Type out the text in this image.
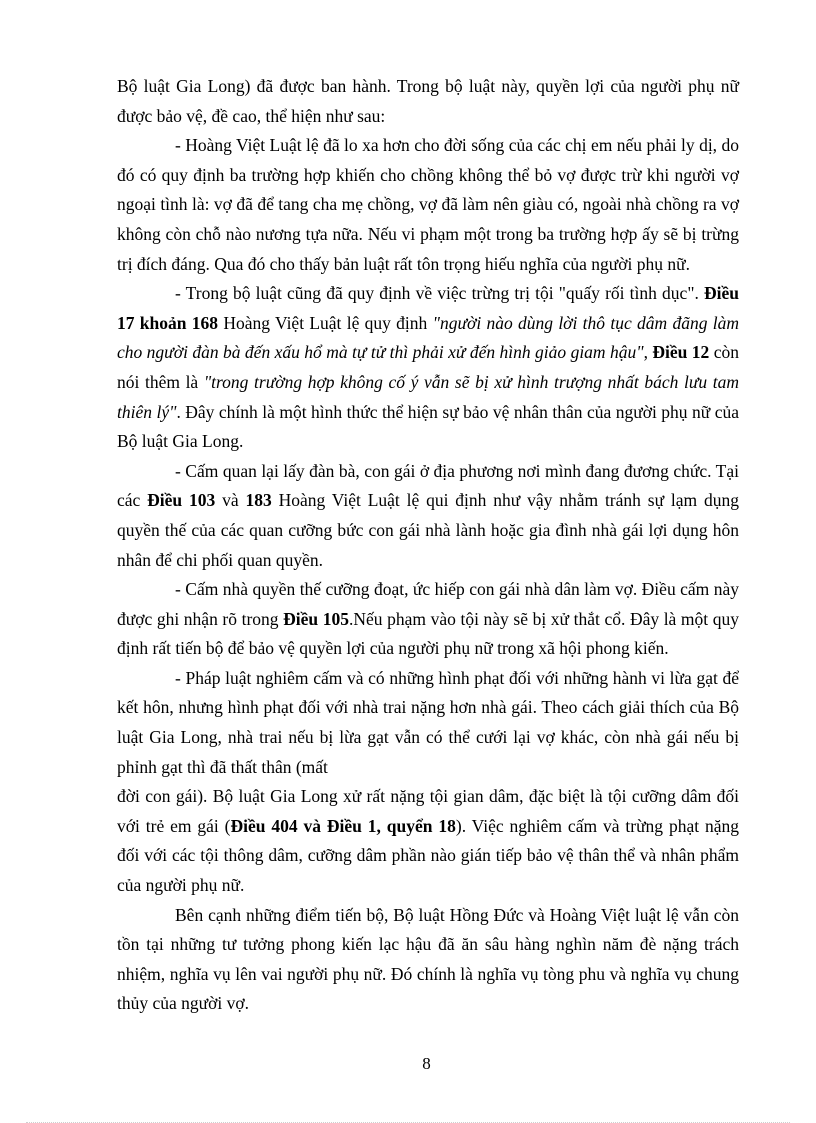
Bộ luật Gia Long) đã được ban hành. Trong bộ luật này, quyền lợi của người phụ nữ được bảo vệ, đề cao, thể hiện như sau:

- Hoàng Việt Luật lệ đã lo xa hơn cho đời sống của các chị em nếu phải ly dị, do đó có quy định ba trường hợp khiến cho chồng không thể bỏ vợ được trừ khi người vợ ngoại tình là: vợ đã để tang cha mẹ chồng, vợ đã làm nên giàu có, ngoài nhà chồng ra vợ không còn chỗ nào nương tựa nữa. Nếu vi phạm một trong ba trường hợp ấy sẽ bị trừng trị đích đáng. Qua đó cho thấy bản luật rất tôn trọng hiếu nghĩa của người phụ nữ.

- Trong bộ luật cũng đã quy định về việc trừng trị tội "quấy rối tình dục". Điều 17 khoản 168 Hoàng Việt Luật lệ quy định "người nào dùng lời thô tục dâm đãng làm cho người đàn bà đến xấu hổ mà tự tử thì phải xử đến hình giảo giam hậu", Điều 12 còn nói thêm là "trong trường hợp không cố ý vẫn sẽ bị xử hình trượng nhất bách lưu tam thiên lý". Đây chính là một hình thức thể hiện sự bảo vệ nhân thân của người phụ nữ của Bộ luật Gia Long.

- Cấm quan lại lấy đàn bà, con gái ở địa phương nơi mình đang đương chức. Tại các Điều 103 và 183 Hoàng Việt Luật lệ qui định như vậy nhằm tránh sự lạm dụng quyền thế của các quan cưỡng bức con gái nhà lành hoặc gia đình nhà gái lợi dụng hôn nhân để chi phối quan quyền.

- Cấm nhà quyền thế cưỡng đoạt, ức hiếp con gái nhà dân làm vợ. Điều cấm này được ghi nhận rõ trong Điều 105.Nếu phạm vào tội này sẽ bị xử thắt cổ. Đây là một quy định rất tiến bộ để bảo vệ quyền lợi của người phụ nữ trong xã hội phong kiến.

- Pháp luật nghiêm cấm và có những hình phạt đối với những hành vi lừa gạt để kết hôn, nhưng hình phạt đối với nhà trai nặng hơn nhà gái. Theo cách giải thích của Bộ luật Gia Long, nhà trai nếu bị lừa gạt vẫn có thể cưới lại vợ khác, còn nhà gái nếu bị phỉnh gạt thì đã thất thân (mất

đời con gái). Bộ luật Gia Long xử rất nặng tội gian dâm, đặc biệt là tội cưỡng dâm đối với trẻ em gái (Điều 404 và Điều 1, quyển 18). Việc nghiêm cấm và trừng phạt nặng đối với các tội thông dâm, cưỡng dâm phần nào gián tiếp bảo vệ thân thể và nhân phẩm của người phụ nữ.

Bên cạnh những điểm tiến bộ, Bộ luật Hồng Đức và Hoàng Việt luật lệ vẫn còn tồn tại những tư tưởng phong kiến lạc hậu đã ăn sâu hàng nghìn năm đè nặng trách nhiệm, nghĩa vụ lên vai người phụ nữ. Đó chính là nghĩa vụ tòng phu và nghĩa vụ chung thủy của người vợ.

8
